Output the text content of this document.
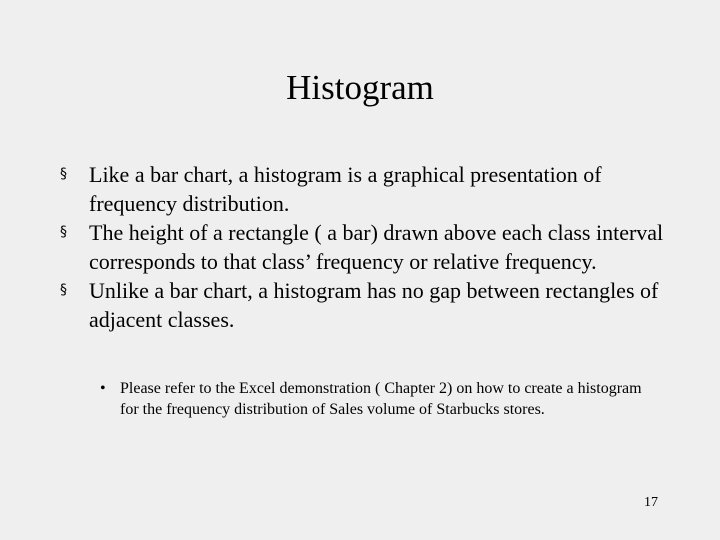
Histogram
§	Like a bar chart, a histogram is a graphical presentation of frequency distribution.
§	The height of a rectangle ( a bar) drawn above each class interval corresponds to that class’ frequency or relative frequency.
§	Unlike a bar chart, a histogram has no gap between rectangles of adjacent classes.
• Please refer to the Excel demonstration ( Chapter 2) on how to create a histogram for the frequency distribution of Sales volume of Starbucks stores.
17
